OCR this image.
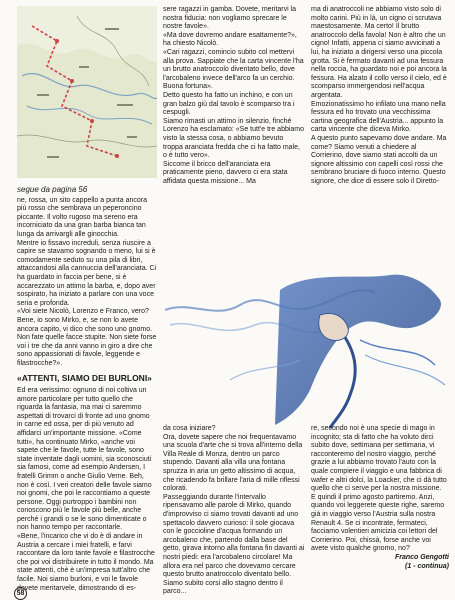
segue da pagina 56

ne, rossa, un sito cappello a punta ancora più rosso che sembrava un peperoncino piccante. Il volto rugoso ma sereno era incorniciato da una gran barba bianca tan lunga da arrivargli alle ginocchia.

Mentre io fissavo increduli, senza riuscire a capire se stavamo sognando o meno, lui si è comodamente seduto su una pila di libri, attaccandosi alla cannuccia dell'aranciata. Ci ha guardato in faccia per bene, si è accarezzato un attimo la barba, e, dopo aver sospirato, ha iniziato a parlare con una voce seria e profonda.

«Voi siete Nicolò, Lorenzo e Franco, vero? Bene, io sono Mirko, e, se non lo avete ancora capito, vi dico che sono uno gnomo. Non fate quelle facce stupite. Non siete forse voi i tre che da anni vanno in giro a dire che sono appassionati di favole, leggende e filastrocche?».

«ATTENTI, SIAMO DEI BURLONI»

Ed era verissimo: ognuno di noi coltiva un amore particolare per tutto quello che riguarda la fantasia, ma mai ci saremmo aspettati di trovarci di fronte ad uno gnomo in carne ed ossa, per di più venuto ad affidarci un'importante missione. «Come tutti», ha continuato Mirko, «anche voi sapete che le favole, tutte le favole, sono state inventate dagli uomini, sia sconosciuti sia famosi, come ad esempio Andersen, I fratelli Grimm o anche Giulio Verne. Beh, non è così. I veri creatori delle favole siamo noi gnomi, che poi le raccontiamo a queste persone. Oggi purtroppo i bambini non conoscono più le favole più belle, anche perché i grandi o se le sono dimenticate o non hanno tempo per raccontarle.

«Bene, l'incarico che vi do è di andare in Austria a cercare i miei fratelli, e farvi raccontare da loro tante favole e filastrocche che poi voi distribuirete in tutto il mondo. Ma state attenti, chè è un'impresa tutt'altro che facile. Noi siamo burloni, e voi le favole dovete meritarvele, dimostrando di es-

sere ragazzi in gamba. Dovete, meritarvi la nostra fiducia: non vogliamo sprecare le nostre favole».

«Ma dove dovremo andare esattamente?», ha chiesto Nicolò.

«Cari ragazzi, comincio subito col mettervi alla prova. Sappiate che la carta vincente l'ha un brutto anatroccolo diventato bello, dove l'arcobaleno invece dell'arco fa un cerchio. Buona fortuna».

Detto questo ha fatto un inchino, e con un gran balzo giù dal tavolo è scomparso tra i cespugli.

Siamo rimasti un attimo in silenzio, finché Lorenzo ha esclamato: «Se tutt'e tre abbiamo visto la stessa cosa, o abbiamo bevuto troppa aranciata fredda che ci ha fatto male, o è tutto vero».

Siccome il bricco dell'aranciata era praticamente pieno, davvero ci era stata affidata questa missione... Ma

ma di anatroccoli ne abbiamo visto solo di molto carini. Più in là, un cigno ci scrutava maestosamente. Ma certo! Il brutto anatroccolo della favola! Non è altro che un cigno! Infatti, appena ci siamo avvicinati a lui, ha iniziato a dirigersi verso una piccola grotta. Si è fermato davanti ad una fessura nella roccia, ha guardato noi e poi ancora la fessura. Ha alzato il collo verso il cielo, ed è scomparso immergendosi nell'acqua argentata.

Emozionatissimo ho infilato una mano nella fessura ed ho trovato una vecchissima cartina geografica dell'Austria... appunto la carta vincente che diceva Mirko.

A questo punto sapevamo dove andare. Ma come? Siamo venuti a chiedere al Corrierino, dove siamo stati accolti da un signore altissimo con capelli così rossi che sembrano bruciare di fuoco interno. Questo signore, che dice di essere solo il Diretto-

da cosa iniziare?

Ora, dovete sapere che noi frequentavamo una scuola d'arte che si trova all'interno della Villa Reale di Monza, dentro un parco stupendo. Davanti alla villa una fontana spruzza in aria un getto altissimo di acqua, che ricadendo fa brillare l'aria di mille riflessi colorati.

Passeggiando durante l'intervallo ripensavamo alle parole di Mirko, quando d'improvviso ci siamo trovati davanti ad uno spettacolo davvero curioso: il sole giocava con le goccioline d'acqua formando un arcobaleno che, partendo dalla base del getto, girava intorno alla fontana fin davanti ai nostri piedi: era l'arcobaleno circolare! Ma allora era nel parco che dovevamo cercare questo brutto anatroccolo diventato bello. Siamo subito corsi allo stagno dentro il parco...

re, secondo noi è una specie di mago in incognito; sta di fatto che ha voluto dirci subito dove, settimana per settimana, vi racconteremo del nostro viaggio, perché grazie a lui abbiamo trovato l'auto con la quale compiere il viaggio e una fabbrica di wafer e altri dolci, la Loacker, che ci dà tutto quello che ci serve per la nostra missione.

E quindi il primo agosto partiremo. Anzi, quando voi leggerete queste righe, saremo già in viaggio verso l'Austria sulla nostra Renault 4. Se ci incontrate, fermateci, facciamo volentieri amicizia coi lettori del Corrierino. Poi, chissà, forse anche voi avete visto qualche gnomo, no?

Franco Gengotti
(1 - continua)
58
